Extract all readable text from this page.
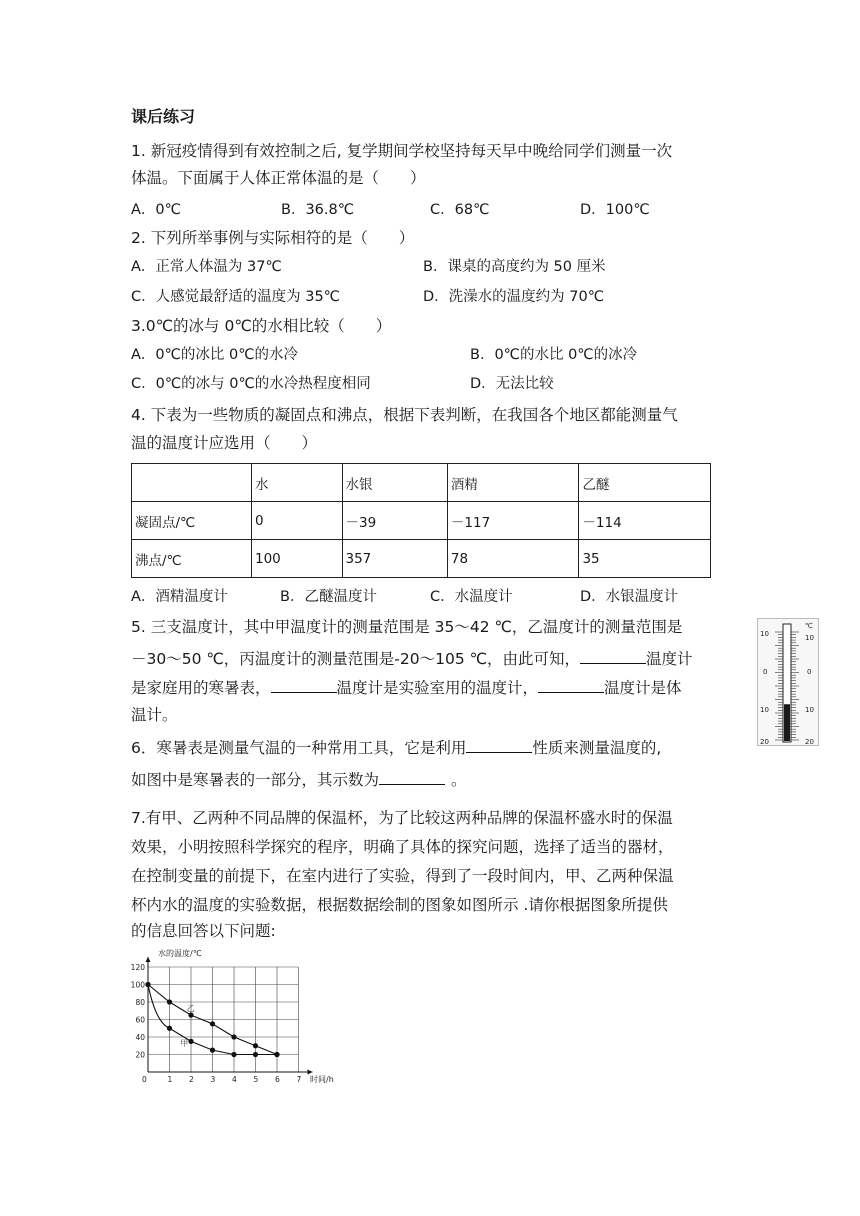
课后练习
1. 新冠疫情得到有效控制之后, 复学期间学校坚持每天早中晚给同学们测量一次
体温。下面属于人体正常体温的是（　　）
A．0℃	B．36.8℃	C．68℃	D．100℃
2. 下列所举事例与实际相符的是（　　）
A．正常人体温为 37℃	B．课桌的高度约为 50 厘米
C．人感觉最舒适的温度为 35℃	D．洗澡水的温度约为 70℃
3.0℃的冰与 0℃的水相比较（　　）
A．0℃的冰比 0℃的水冷	B．0℃的水比 0℃的冰冷
C．0℃的冰与 0℃的水冷热程度相同	D．无法比较
4. 下表为一些物质的凝固点和沸点，根据下表判断，在我国各个地区都能测量气
温的温度计应选用（　　）
	水	水银	酒精	乙醚
凝固点/℃	0	－39	－117	－114
沸点/℃	100	357	78	35
A．酒精温度计	B．乙醚温度计	C．水温度计	D．水银温度计
5. 三支温度计，其中甲温度计的测量范围是 35～42 ℃，乙温度计的测量范围是
－30～50 ℃，丙温度计的测量范围是-20～105 ℃，由此可知，	温度计
是家庭用的寒暑表，	温度计是实验室用的温度计，	温度计是体
温计。
6．寒暑表是测量气温的一种常用工具，它是利用	性质来测量温度的,
如图中是寒暑表的一部分，其示数为	。
℃
10
0
10
20
10
0
10
20
7.有甲、乙两种不同品牌的保温杯，为了比较这两种品牌的保温杯盛水时的保温
效果，小明按照科学探究的程序，明确了具体的探究问题，选择了适当的器材，
在控制变量的前提下，在室内进行了实验，得到了一段时间内，甲、乙两种保温
杯内水的温度的实验数据，根据数据绘制的图象如图所示 .请你根据图象所提供
的信息回答以下问题:
0	1 2 3 4 5 6 7
20
40
60
80
100
120
乙
甲
水的温度/℃
时间/h
